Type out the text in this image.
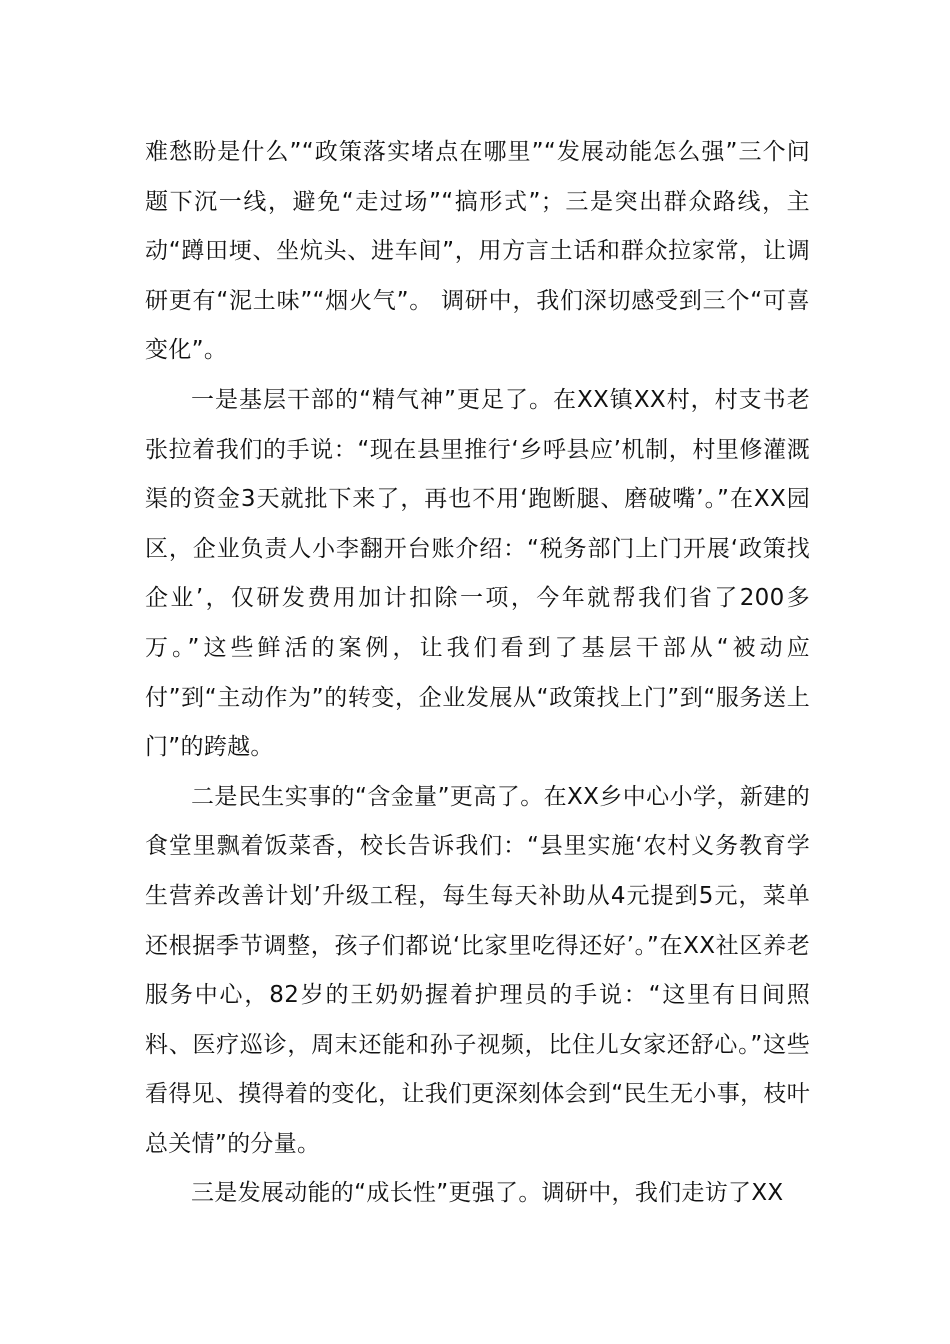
难愁盼是什么”“政策落实堵点在哪里”“发展动能怎么强”三个问题下沉一线，避免“走过场”“搞形式”；三是突出群众路线，主动“蹲田埂、坐炕头、进车间”，用方言土话和群众拉家常，让调研更有“泥土味”“烟火气”。 调研中，我们深切感受到三个“可喜变化”。

一是基层干部的“精气神”更足了。在XX镇XX村，村支书老张拉着我们的手说：“现在县里推行‘乡呼县应’机制，村里修灌溉渠的资金3天就批下来了，再也不用‘跑断腿、磨破嘴’。”在XX园区，企业负责人小李翻开台账介绍：“税务部门上门开展‘政策找企业’，仅研发费用加计扣除一项，今年就帮我们省了200多万。”这些鲜活的案例，让我们看到了基层干部从“被动应付”到“主动作为”的转变，企业发展从“政策找上门”到“服务送上门”的跨越。

二是民生实事的“含金量”更高了。在XX乡中心小学，新建的食堂里飘着饭菜香，校长告诉我们：“县里实施‘农村义务教育学生营养改善计划’升级工程，每生每天补助从4元提到5元，菜单还根据季节调整，孩子们都说‘比家里吃得还好’。”在XX社区养老服务中心，82岁的王奶奶握着护理员的手说：“这里有日间照料、医疗巡诊，周末还能和孙子视频，比住儿女家还舒心。”这些看得见、摸得着的变化，让我们更深刻体会到“民生无小事，枝叶总关情”的分量。

三是发展动能的“成长性”更强了。调研中，我们走访了XX
